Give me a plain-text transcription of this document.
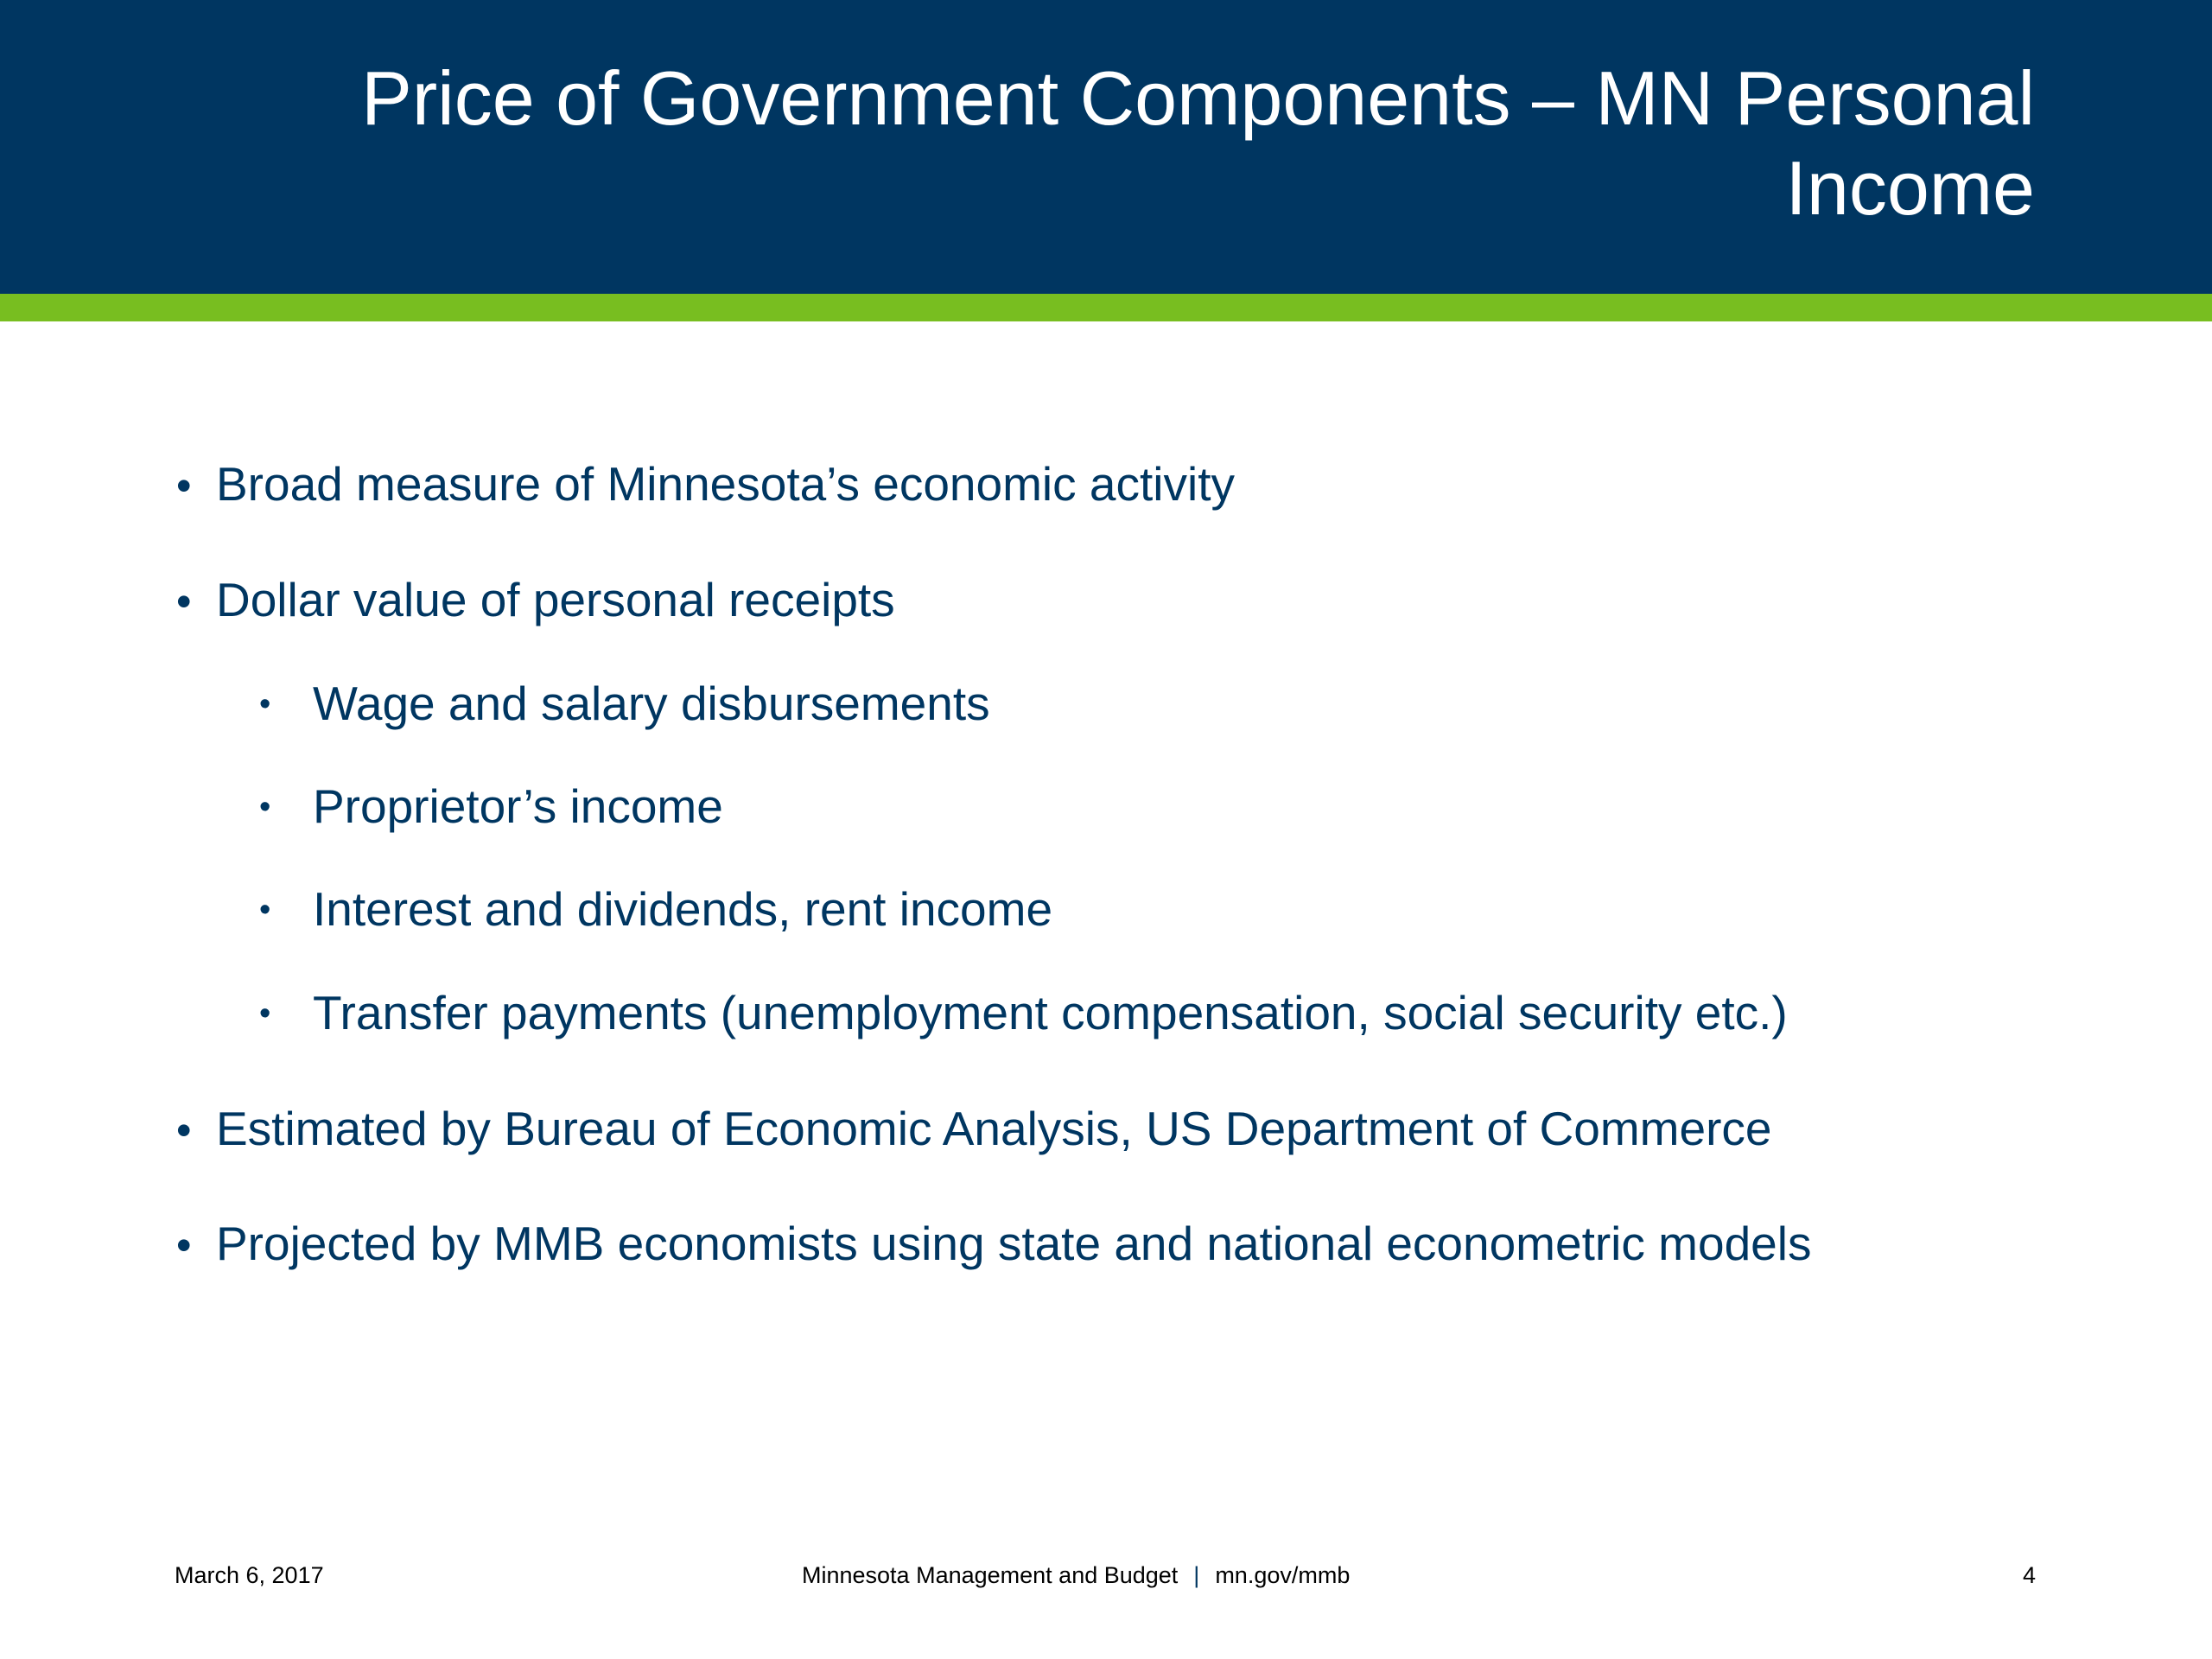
Price of Government Components – MN Personal
Income
• Broad measure of Minnesota’s economic activity
• Dollar value of personal receipts
• Wage and salary disbursements
• Proprietor’s income
• Interest and dividends, rent income
• Transfer payments (unemployment compensation, social security etc.)
• Estimated by Bureau of Economic Analysis, US Department of Commerce
• Projected by MMB economists using state and national econometric models
March 6, 2017	Minnesota Management and Budget | mn.gov/mmb	4
